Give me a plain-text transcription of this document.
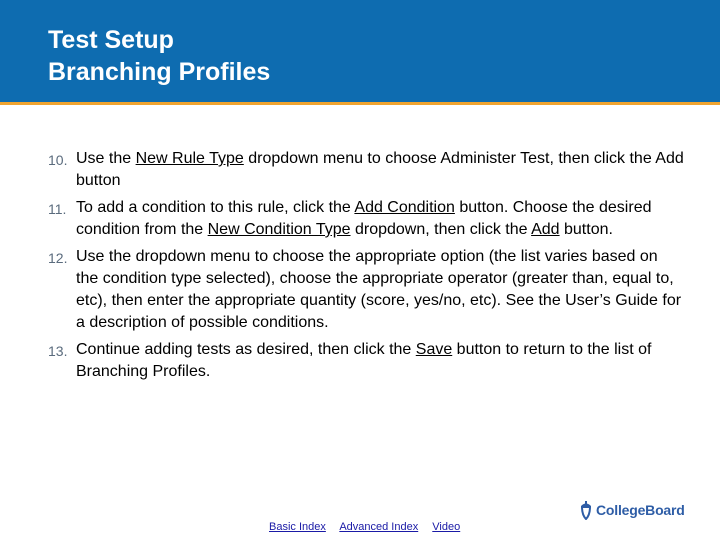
Test Setup
Branching Profiles
10. Use the New Rule Type dropdown menu to choose Administer Test, then click the Add button
11. To add a condition to this rule, click the Add Condition button. Choose the desired condition from the New Condition Type dropdown, then click the Add button.
12. Use the dropdown menu to choose the appropriate option (the list varies based on the condition type selected), choose the appropriate operator (greater than, equal to, etc), then enter the appropriate quantity (score, yes/no, etc). See the User’s Guide for a description of possible conditions.
13. Continue adding tests as desired, then click the Save button to return to the list of Branching Profiles.
CollegeBoard
Basic Index Advanced Index Video
